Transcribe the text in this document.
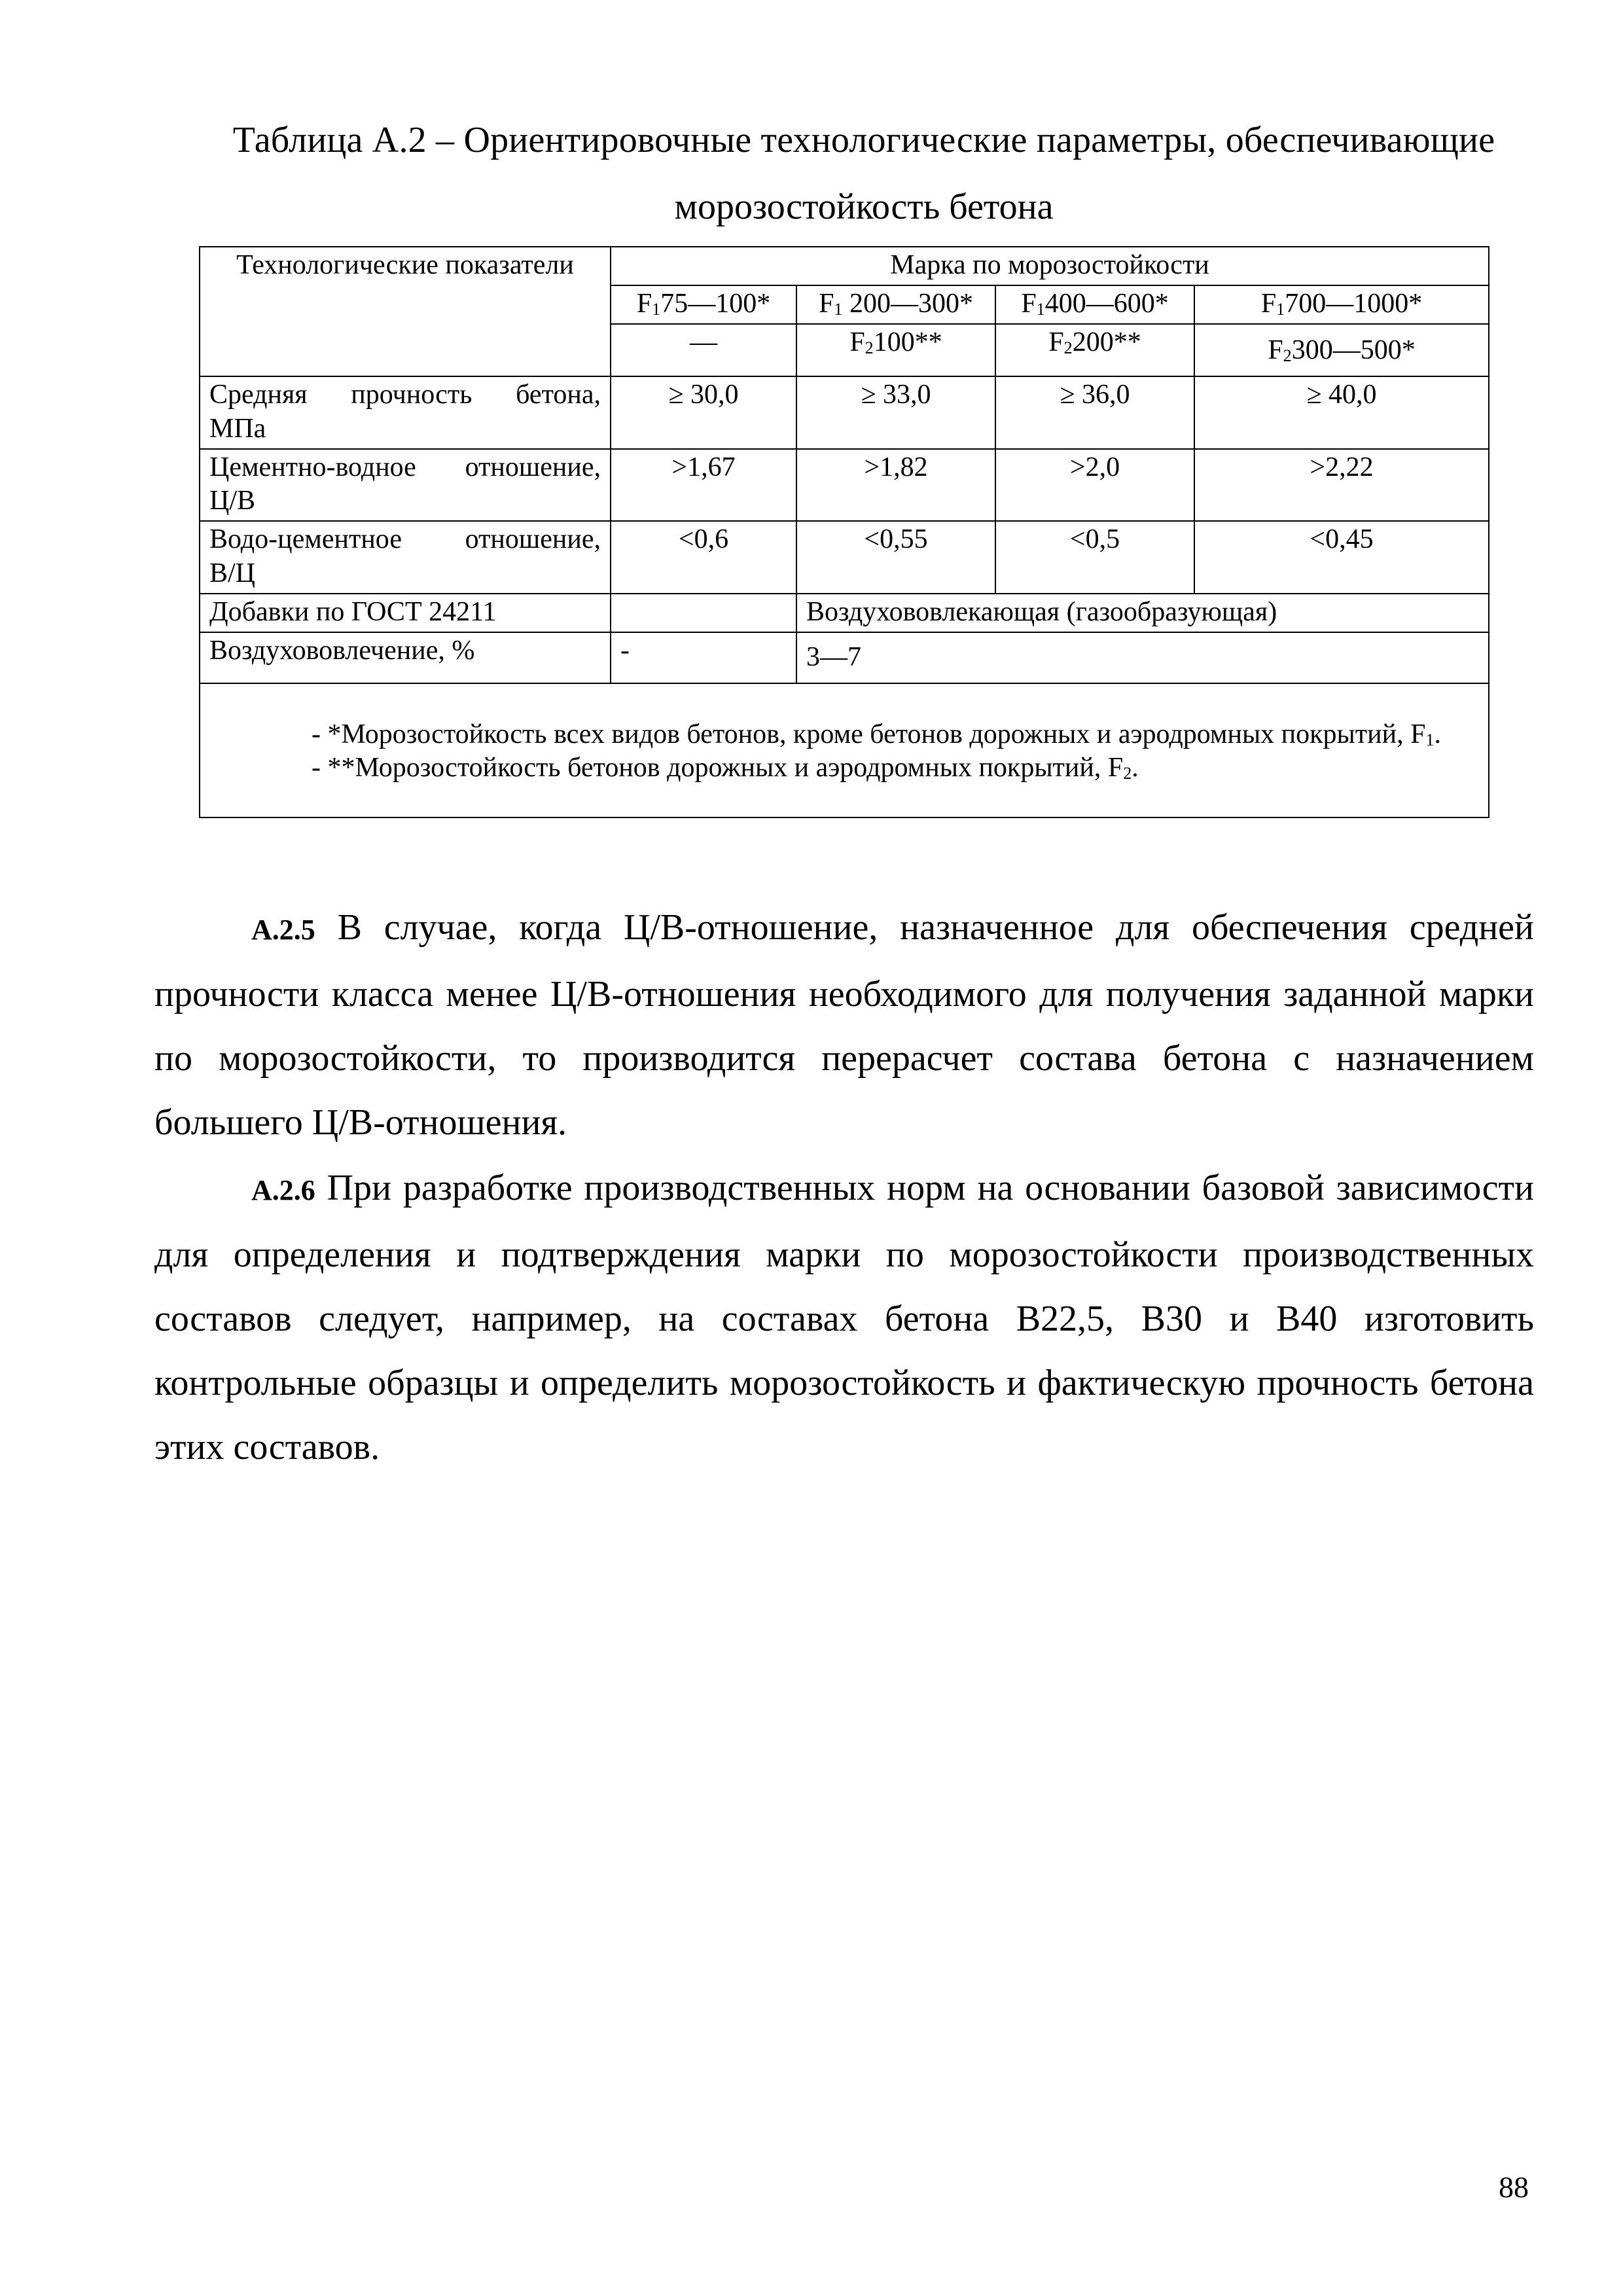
Таблица А.2 – Ориентировочные технологические параметры, обеспечивающие
морозостойкость бетона
Технологические показатели	Марка по морозостойкости			
	$F_175—100*$	$F_1$ 200—300*	$F_1400—600*$	$F_1700—1000*$
	—	$F_2100**$	$F_2200**$	$F_2300—500*$

Средняя прочность бетона,
МПа	≥ 30,0	≥ 33,0	≥ 36,0	≥ 40,0

Цементно-водное отношение,
Ц/В	>1,67	>1,82	>2,0	>2,22

Водо-цементное отношение,
В/Ц	<0,6	<0,55	<0,5	<0,45
Добавки по ГОСТ 24211		Воздухововлекающая (газообразующая)		
Воздухововлечение, %	-	3—7		

- *Морозостойкость всех видов бетонов, кроме бетонов дорожных и аэродромных покрытий, $F_1$.

- **Морозостойкость бетонов дорожных и аэродромных покрытий, $F_2$.				

А.2.5 В случае, когда Ц/В-отношение, назначенное для обеспечения средней прочности класса менее Ц/В-отношения необходимого для получения заданной марки по морозостойкости, то производится перерасчет состава бетона с назначением большего Ц/В-отношения.

А.2.6 При разработке производственных норм на основании базовой зависимости для определения и подтверждения марки по морозостойкости производственных составов следует, например, на составах бетона В22,5, В30 и В40 изготовить контрольные образцы и определить морозостойкость и фактическую прочность бетона этих составов.

88
